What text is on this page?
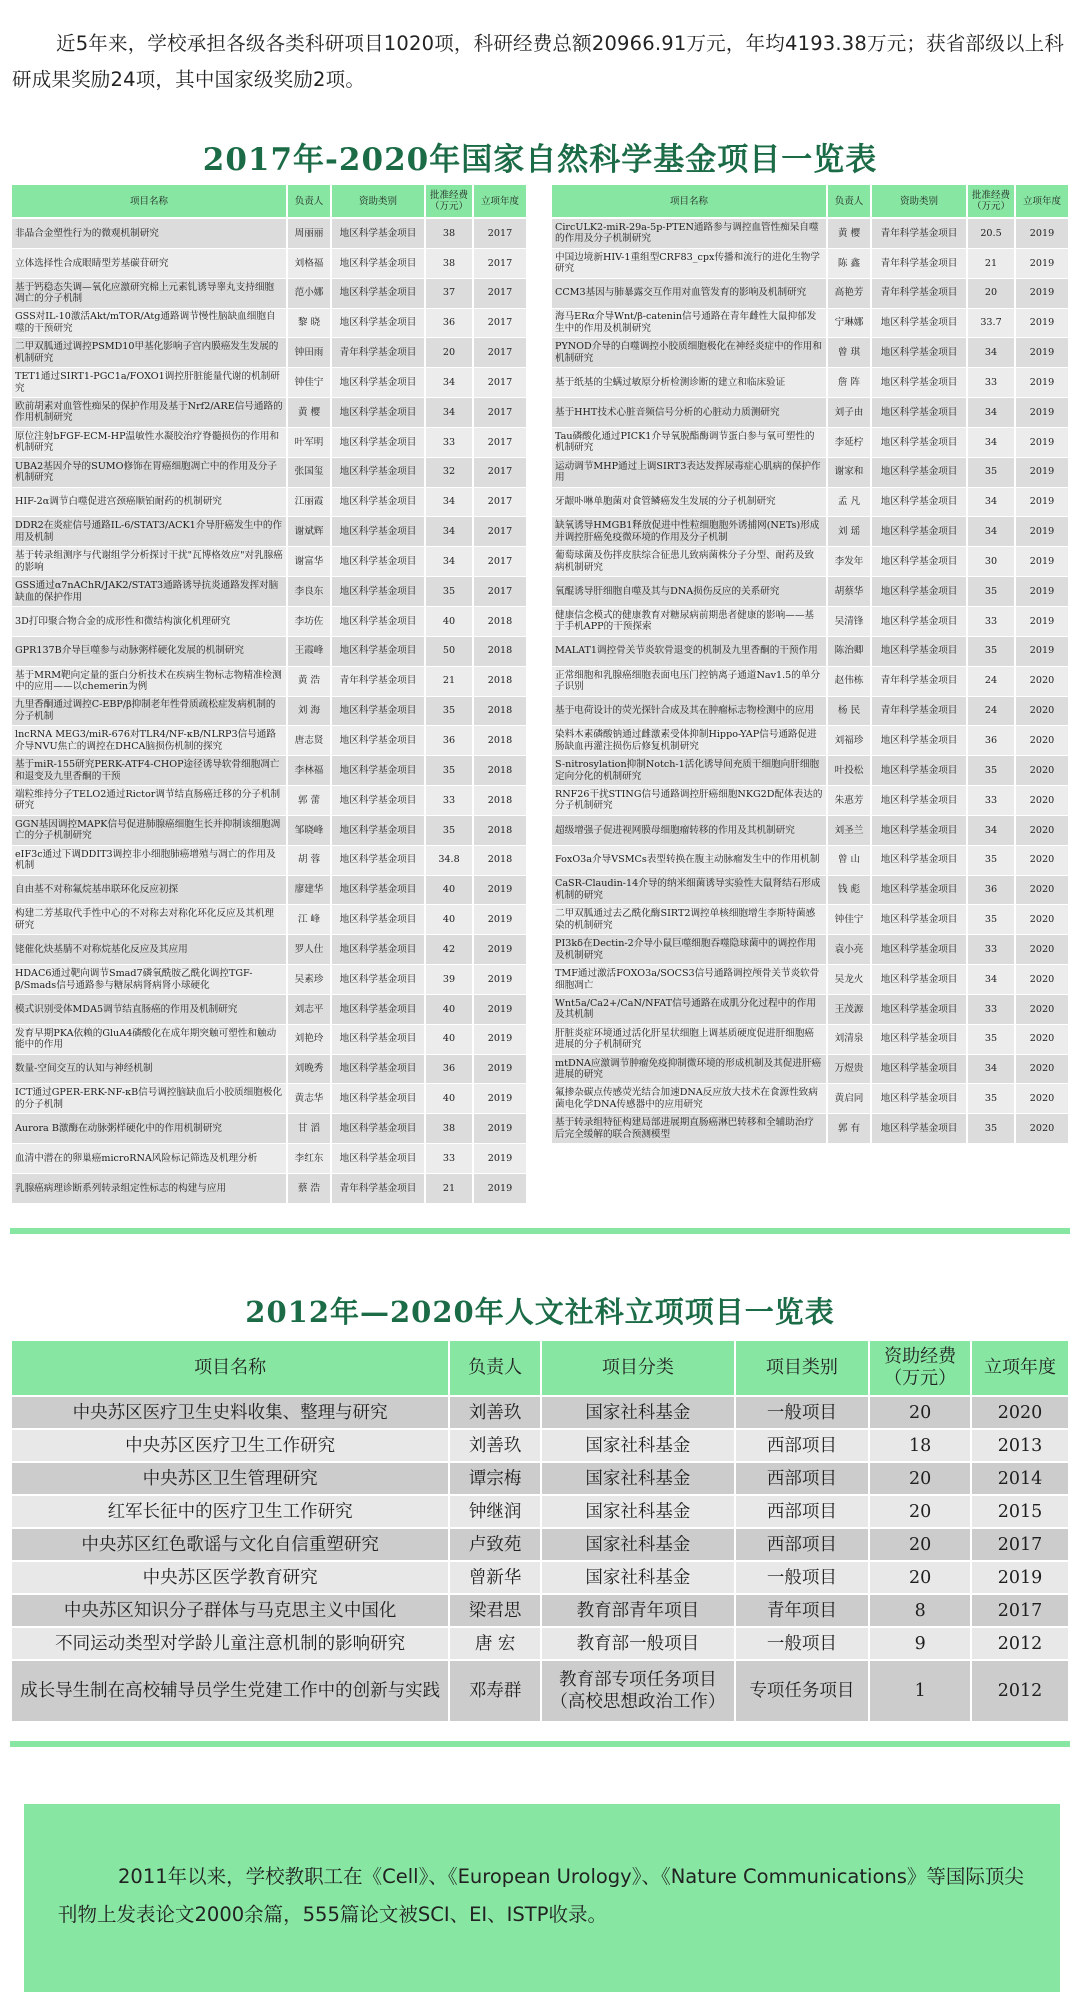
近5年来，学校承担各级各类科研项目1020项，科研经费总额20966.91万元，年均4193.38万元；获省部级以上科研成果奖励24项，其中国家级奖励2项。

2017年-2020年国家自然科学基金项目一览表
项目名称	负责人	资助类别	批准经费（万元）	立项年度
非晶合金塑性行为的微观机制研究	周丽丽	地区科学基金项目	38	2017
立体选择性合成眼睛型芳基碳苷研究	刘格福	地区科学基金项目	38	2017
基于钙稳态失调—氧化应激研究棉上元素钆诱导睾丸支持细胞凋亡的分子机制	范小娜	地区科学基金项目	37	2017
GSS对IL-10激活Akt/mTOR/Atg通路调节慢性脑缺血细胞自噬的干预研究	黎 晓	地区科学基金项目	36	2017
二甲双胍通过调控PSMD10甲基化影响子宫内膜癌发生发展的机制研究	钟田雨	青年科学基金项目	20	2017
TET1通过SIRT1-PGC1a/FOXO1调控肝脏能量代谢的机制研究	钟佳宁	地区科学基金项目	34	2017
欧前胡素对血管性痴呆的保护作用及基于Nrf2/ARE信号通路的作用机制研究	黄 樱	地区科学基金项目	34	2017
原位注射bFGF-ECM-HP温敏性水凝胶治疗脊髓损伤的作用和机制研究	叶军明	地区科学基金项目	33	2017
UBA2基因介导的SUMO修饰在胃癌细胞凋亡中的作用及分子机制研究	张国玺	地区科学基金项目	32	2017
HIF-2α调节白噬促进宫颈癌顺铂耐药的机制研究	江丽霞	地区科学基金项目	34	2017
DDR2在炎症信号通路IL-6/STAT3/ACK1介导肝癌发生中的作用及机制	谢斌辉	地区科学基金项目	34	2017
基于转录组测序与代谢组学分析探讨干扰"瓦博格效应"对乳腺癌的影响	谢富华	地区科学基金项目	34	2017
GSS通过α7nAChR/JAK2/STAT3通路诱导抗炎通路发挥对脑缺血的保护作用	李良东	地区科学基金项目	35	2017
3D打印聚合物合金的成形性和微结构演化机理研究	李坊佐	地区科学基金项目	40	2018
GPR137B介导巨噬参与动脉粥样硬化发展的机制研究	王霞峰	地区科学基金项目	50	2018
基于MRM靶向定量的蛋白分析技术在疾病生物标志物精准检测中的应用——以chemerin为例	黄 浩	青年科学基金项目	21	2018
九里香酮通过调控C-EBP/β抑制老年性骨质疏松症发病机制的分子机制	刘 海	地区科学基金项目	35	2018
lncRNA MEG3/miR-676对TLR4/NF-κB/NLRP3信号通路介导NVU焦亡的调控在DHCA脑损伤机制的探究	唐志贤	地区科学基金项目	36	2018
基于miR-155研究PERK-ATF4-CHOP途径诱导软骨细胞凋亡和退变及九里香酮的干预	李林福	地区科学基金项目	35	2018
端粒维持分子TELO2通过Rictor调节结直肠癌迁移的分子机制研究	郭 蕾	地区科学基金项目	33	2018
GGN基因调控MAPK信号促进肺腺癌细胞生长并抑制该细胞凋亡的分子机制研究	邹晓峰	地区科学基金项目	35	2018
eIF3c通过下调DDIT3调控非小细胞肺癌增殖与凋亡的作用及机制	胡 蓉	地区科学基金项目	34.8	2018
自由基不对称氟烷基串联环化反应初探	廖建华	地区科学基金项目	40	2019
构建二芳基取代手性中心的不对称去对称化环化反应及其机理研究	江 峰	地区科学基金项目	40	2019
铑催化炔基腈不对称烷基化反应及其应用	罗人仕	地区科学基金项目	42	2019
HDAC6通过靶向调节Smad7磷氧酰胺乙酰化调控TGF-β/Smads信号通路参与糖尿病肾病肾小球硬化	吴素珍	地区科学基金项目	39	2019
模式识别受体MDA5调节结直肠癌的作用及机制研究	刘志平	地区科学基金项目	40	2019
发育早期PKA依赖的GluA4磷酸化在成年期突触可塑性和触动能中的作用	刘艳玲	地区科学基金项目	40	2019
数量-空间交互的认知与神经机制	刘晚秀	地区科学基金项目	36	2019
ICT通过GPER-ERK-NF-κB信号调控脑缺血后小胶质细胞极化的分子机制	黄志华	地区科学基金项目	40	2019
Aurora B激酶在动脉粥样硬化中的作用机制研究	甘 滔	地区科学基金项目	38	2019
血清中潜在的卵巢癌microRNA风险标记筛选及机理分析	李红东	地区科学基金项目	33	2019
乳腺癌病理诊断系列转录组定性标志的构建与应用	蔡 浩	青年科学基金项目	21	2019
项目名称	负责人	资助类别	批准经费（万元）	立项年度
CircULK2-miR-29a-5p-PTEN通路参与调控血管性痴呆自噬的作用及分子机制研究	黄 樱	青年科学基金项目	20.5	2019
中国边境新HIV-1重组型CRF83_cpx传播和流行的进化生物学研究	陈 鑫	青年科学基金项目	21	2019
CCM3基因与肺暴露交互作用对血管发育的影响及机制研究	高艳芳	青年科学基金项目	20	2019
海马ERα介导Wnt/β-catenin信号通路在青年雌性大鼠抑郁发生中的作用及机制研究	宁琳娜	地区科学基金项目	33.7	2019
PYNOD介导的白噬调控小胶质细胞极化在神经炎症中的作用和机制研究	曾 琪	地区科学基金项目	34	2019
基于纸基的尘螨过敏原分析检测诊断的建立和临床验证	詹 阵	地区科学基金项目	33	2019
基于HHT技术心脏音频信号分析的心脏动力质测研究	刘子由	地区科学基金项目	34	2019
Tau磷酸化通过PICK1介导氧脱酯酶调节蛋白参与氧可塑性的机制研究	李延柠	地区科学基金项目	34	2019
运动调节MHP通过上调SIRT3表达发挥尿毒症心肌病的保护作用	谢家和	地区科学基金项目	35	2019
牙龈卟啉单胞菌对食管鳞癌发生发展的分子机制研究	孟 凡	地区科学基金项目	34	2019
缺氧诱导HMGB1释放促进中性粒细胞胞外诱捕网(NETs)形成并调控肝癌免疫微环境的作用及分子机制	刘 瑶	地区科学基金项目	34	2019
葡萄球菌及伤拌皮肤综合征患儿致病菌株分子分型、耐药及致病机制研究	李发年	地区科学基金项目	30	2019
氧醌诱导肝细胞自噬及其与DNA损伤反应的关系研究	胡蔡华	地区科学基金项目	35	2019
健康信念模式的健康教育对糖尿病前期患者健康的影响——基于手机APP的干预探索	吴清锋	地区科学基金项目	33	2019
MALAT1调控骨关节炎软骨退变的机制及九里香酮的干预作用	陈治卿	地区科学基金项目	35	2019
正常细胞和乳腺癌细胞表面电压门控钠离子通道Nav1.5的单分子识别	赵伟栋	青年科学基金项目	24	2020
基于电荷设计的荧光探针合成及其在肿瘤标志物检测中的应用	杨 民	青年科学基金项目	24	2020
染料木素磷酸钠通过雌激素受体抑制Hippo-YAP信号通路促进肠缺血再灌注损伤后修复机制研究	刘福珍	地区科学基金项目	36	2020
S-nitrosylation抑制Notch-1活化诱导间充质干细胞向肝细胞定向分化的机制研究	叶投松	地区科学基金项目	35	2020
RNF26干扰STING信号通路调控肝癌细胞NKG2D配体表达的分子机制研究	朱惠芳	地区科学基金项目	33	2020
超级增强子促进视网膜母细胞瘤转移的作用及其机制研究	刘圣兰	地区科学基金项目	34	2020
FoxO3a介导VSMCs表型转换在腹主动脉瘤发生中的作用机制	曾 山	地区科学基金项目	35	2020
CaSR-Claudin-14介导的纳米细菌诱导实验性大鼠肾结石形成机制的研究	钱 彪	地区科学基金项目	36	2020
二甲双胍通过去乙酰化酶SIRT2调控单核细胞增生李斯特菌感染的机制研究	钟佳宁	地区科学基金项目	35	2020
PI3kδ在Dectin-2介导小鼠巨噬细胞吞噬隐球菌中的调控作用及机制研究	袁小亮	地区科学基金项目	33	2020
TMF通过激活FOXO3a/SOCS3信号通路调控颅骨关节炎软骨细胞凋亡	吴龙火	地区科学基金项目	34	2020
Wnt5a/Ca2+/CaN/NFAT信号通路在成肌分化过程中的作用及其机制	王茂源	地区科学基金项目	33	2020
肝脏炎症环境通过活化肝星状细胞上调基质硬度促进肝细胞癌进展的分子机制研究	刘清泉	地区科学基金项目	35	2020
mtDNA应激调节肿瘤免疫抑制微环境的形成机制及其促进肝癌进展的研究	万煜贵	地区科学基金项目	34	2020
氟掺杂碳点传感荧光结合加速DNA反应放大技术在食源性致病菌电化学DNA传感器中的应用研究	黄启同	地区科学基金项目	35	2020
基于转录组特征构建局部进展期直肠癌淋巴转移和全辅助治疗后完全缓解的联合预测模型	郭 有	地区科学基金项目	35	2020
2012年—2020年人文社科立项项目一览表
项目名称	负责人	项目分类	项目类别	资助经费（万元）	立项年度
中央苏区医疗卫生史料收集、整理与研究	刘善玖	国家社科基金	一般项目	20	2020
中央苏区医疗卫生工作研究	刘善玖	国家社科基金	西部项目	18	2013
中央苏区卫生管理研究	谭宗梅	国家社科基金	西部项目	20	2014
红军长征中的医疗卫生工作研究	钟继润	国家社科基金	西部项目	20	2015
中央苏区红色歌谣与文化自信重塑研究	卢致苑	国家社科基金	西部项目	20	2017
中央苏区医学教育研究	曾新华	国家社科基金	一般项目	20	2019
中央苏区知识分子群体与马克思主义中国化	梁君思	教育部青年项目	青年项目	8	2017
不同运动类型对学龄儿童注意机制的影响研究	唐 宏	教育部一般项目	一般项目	9	2012
成长导生制在高校辅导员学生党建工作中的创新与实践	邓寿群	教育部专项任务项目（高校思想政治工作）	专项任务项目	1	2012

2011年以来，学校教职工在《Cell》、《European Urology》、《Nature Communications》等国际顶尖刊物上发表论文2000余篇，555篇论文被SCI、EI、ISTP收录。
